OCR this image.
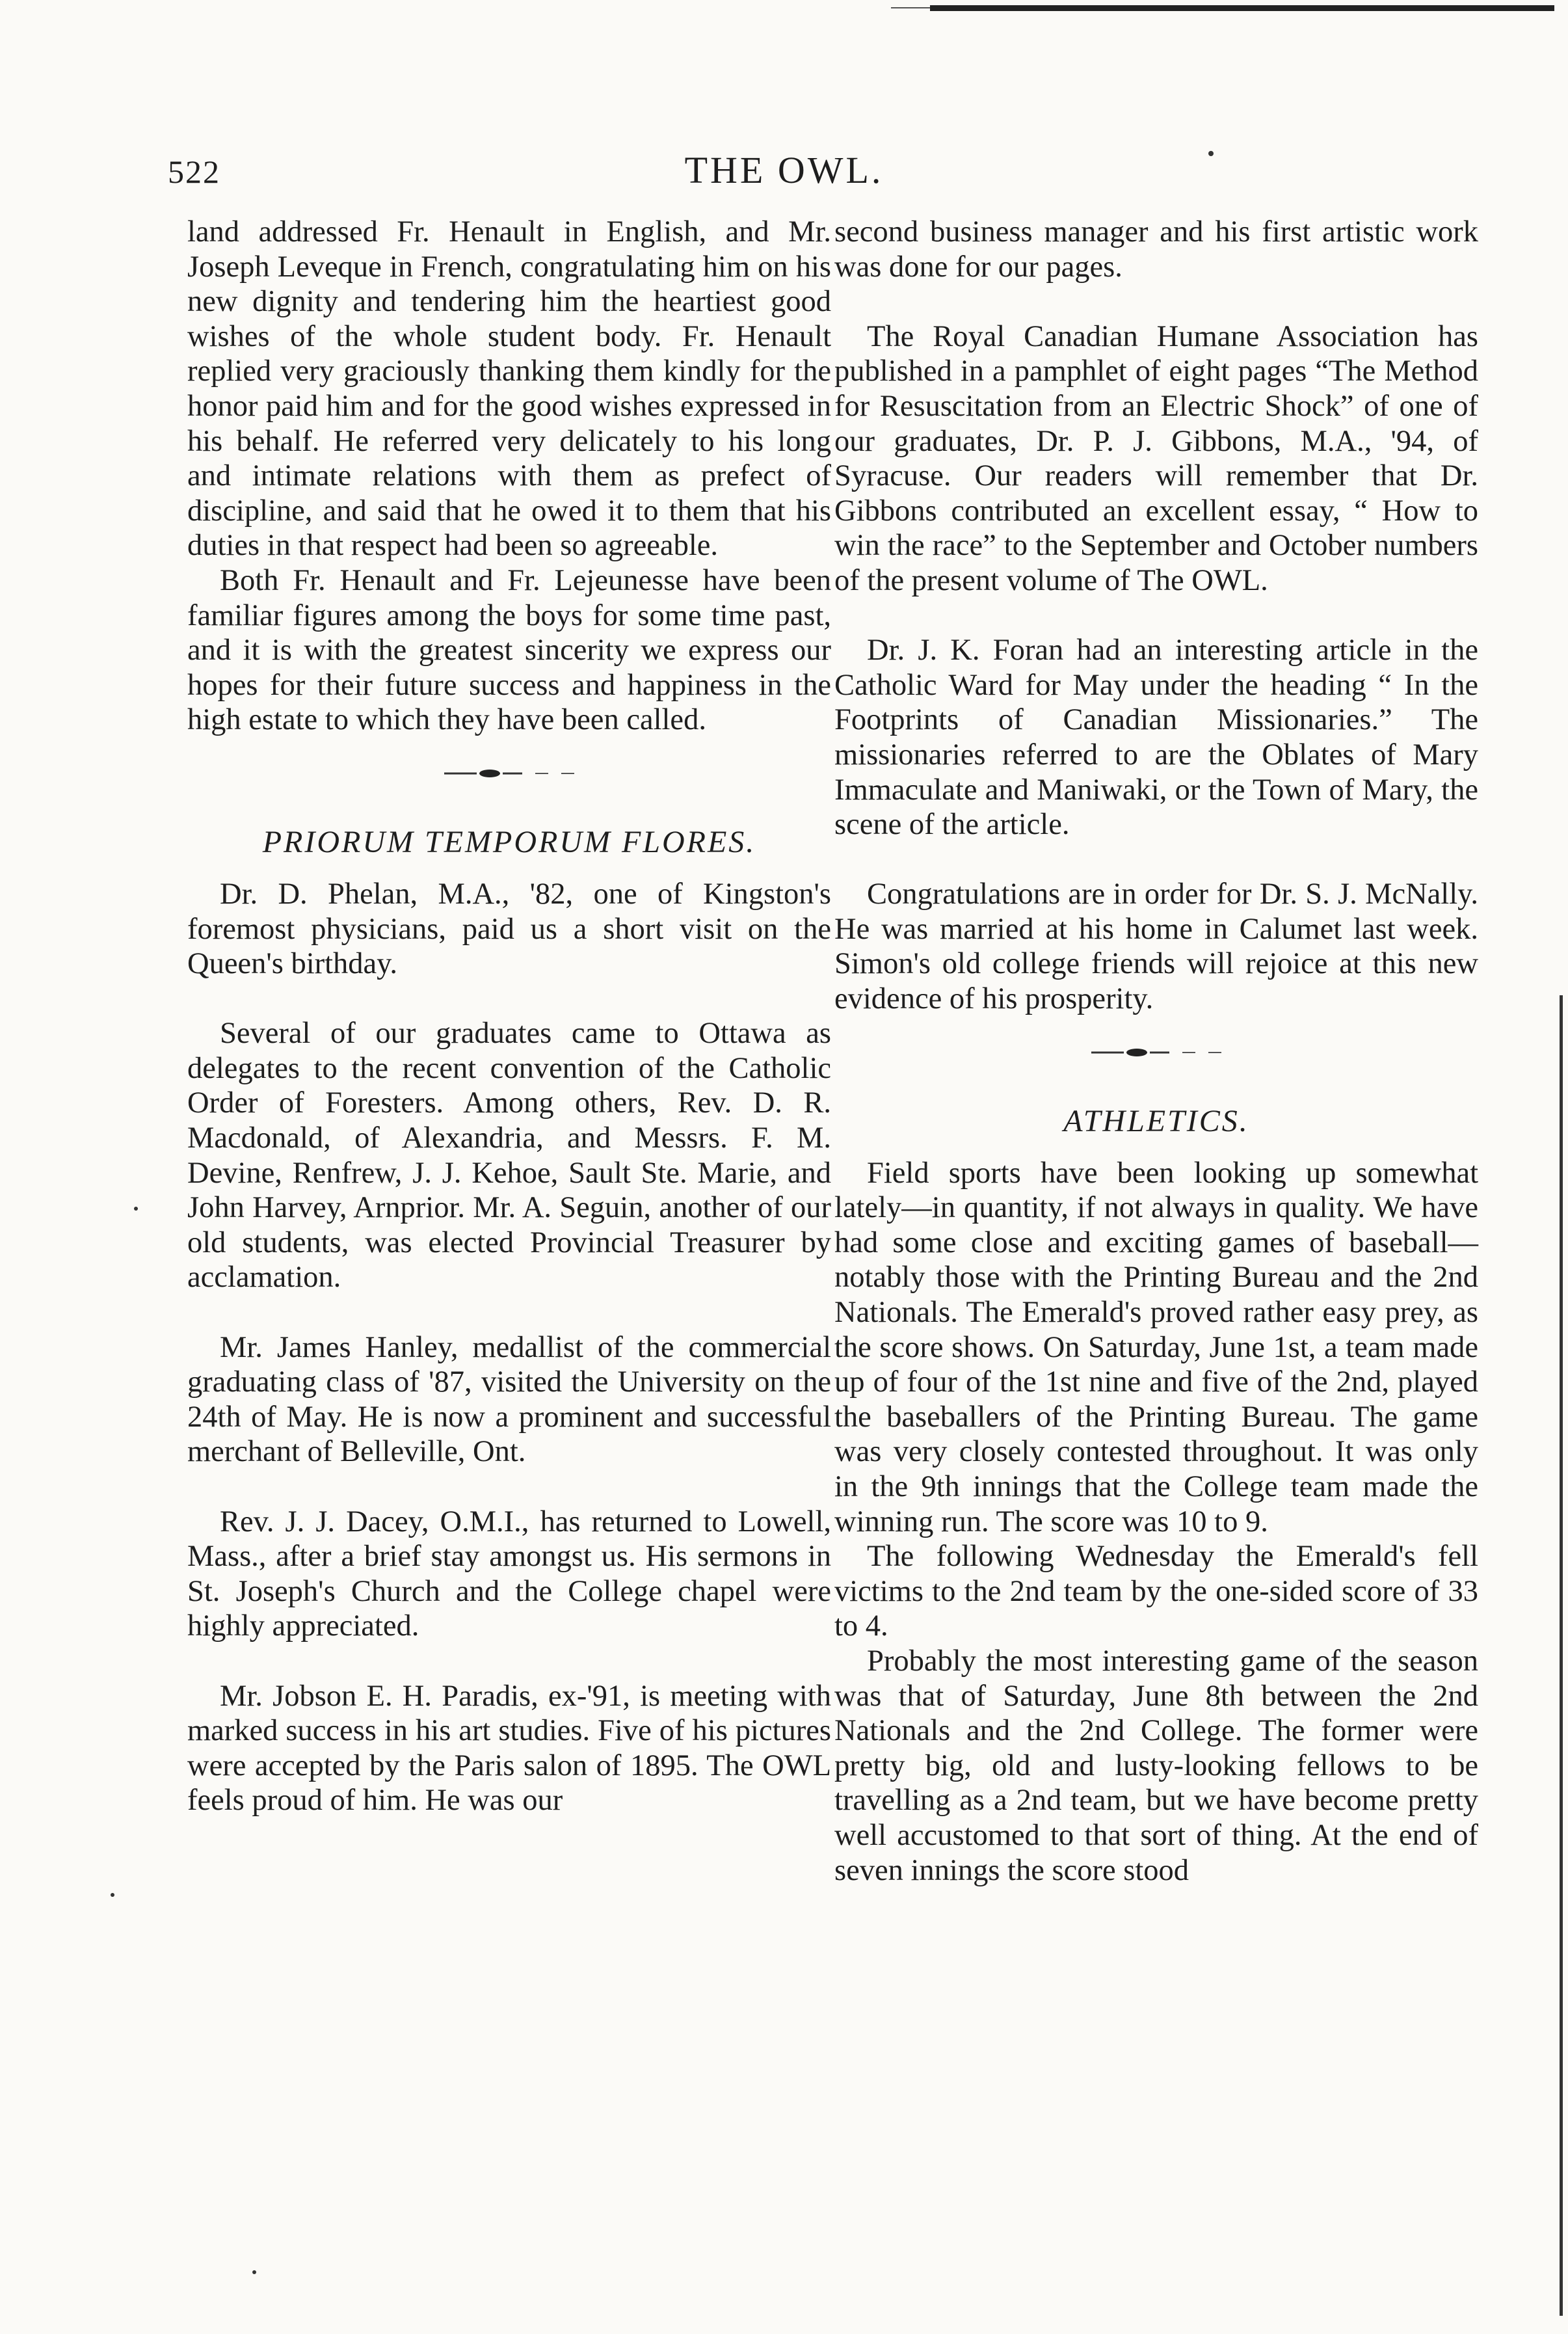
522	THE OWL.

land addressed Fr. Henault in English, and Mr. Joseph Leveque in French, congratulating him on his new dignity and tendering him the heartiest good wishes of the whole student body. Fr. Henault replied very graciously thanking them kindly for the honor paid him and for the good wishes expressed in his behalf. He referred very delicately to his long and intimate relations with them as prefect of discipline, and said that he owed it to them that his duties in that respect had been so agreeable.

Both Fr. Henault and Fr. Lejeunesse have been familiar figures among the boys for some time past, and it is with the greatest sincerity we express our hopes for their future success and happiness in the high estate to which they have been called.

PRIORUM TEMPORUM FLORES.

Dr. D. Phelan, M.A., '82, one of Kingston's foremost physicians, paid us a short visit on the Queen's birthday.

Several of our graduates came to Ottawa as delegates to the recent convention of the Catholic Order of Foresters. Among others, Rev. D. R. Macdonald, of Alexandria, and Messrs. F. M. Devine, Renfrew, J. J. Kehoe, Sault Ste. Marie, and John Harvey, Arnprior. Mr. A. Seguin, another of our old students, was elected Provincial Treasurer by acclamation.

Mr. James Hanley, medallist of the commercial graduating class of '87, visited the University on the 24th of May. He is now a prominent and successful merchant of Belleville, Ont.

Rev. J. J. Dacey, O.M.I., has returned to Lowell, Mass., after a brief stay amongst us. His sermons in St. Joseph's Church and the College chapel were highly appreciated.

Mr. Jobson E. H. Paradis, ex-'91, is meeting with marked success in his art studies. Five of his pictures were accepted by the Paris salon of 1895. The OWL feels proud of him. He was our

second business manager and his first artistic work was done for our pages.

The Royal Canadian Humane Association has published in a pamphlet of eight pages “The Method for Resuscitation from an Electric Shock” of one of our graduates, Dr. P. J. Gibbons, M.A., '94, of Syracuse. Our readers will remember that Dr. Gibbons contributed an excellent essay, “ How to win the race” to the September and October numbers of the present volume of The OWL.

Dr. J. K. Foran had an interesting article in the Catholic Ward for May under the heading “ In the Footprints of Canadian Missionaries.” The missionaries referred to are the Oblates of Mary Immaculate and Maniwaki, or the Town of Mary, the scene of the article.

Congratulations are in order for Dr. S. J. McNally. He was married at his home in Calumet last week. Simon's old college friends will rejoice at this new evidence of his prosperity.

ATHLETICS.

Field sports have been looking up somewhat lately—in quantity, if not always in quality. We have had some close and exciting games of baseball—notably those with the Printing Bureau and the 2nd Nationals. The Emerald's proved rather easy prey, as the score shows. On Saturday, June 1st, a team made up of four of the 1st nine and five of the 2nd, played the baseballers of the Printing Bureau. The game was very closely contested throughout. It was only in the 9th innings that the College team made the winning run. The score was 10 to 9.

The following Wednesday the Emerald's fell victims to the 2nd team by the one-sided score of 33 to 4.

Probably the most interesting game of the season was that of Saturday, June 8th between the 2nd Nationals and the 2nd College. The former were pretty big, old and lusty-looking fellows to be travelling as a 2nd team, but we have become pretty well accustomed to that sort of thing. At the end of seven innings the score stood
